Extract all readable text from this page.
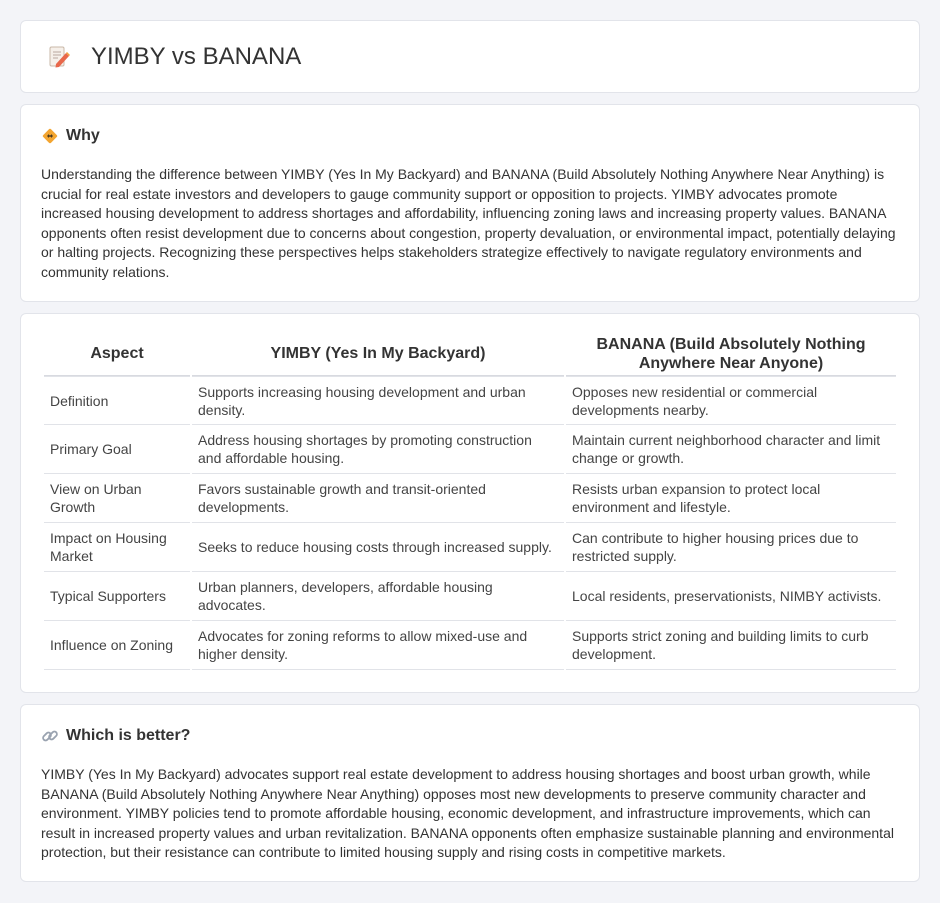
YIMBY vs BANANA
Why

Understanding the difference between YIMBY (Yes In My Backyard) and BANANA (Build Absolutely Nothing Anywhere Near Anything) is crucial for real estate investors and developers to gauge community support or opposition to projects. YIMBY advocates promote increased housing development to address shortages and affordability, influencing zoning laws and increasing property values. BANANA opponents often resist development due to concerns about congestion, property devaluation, or environmental impact, potentially delaying or halting projects. Recognizing these perspectives helps stakeholders strategize effectively to navigate regulatory environments and community relations.

Aspect	YIMBY (Yes In My Backyard)	BANANA (Build Absolutely Nothing Anywhere Near Anyone)
Definition	Supports increasing housing development and urban density.	Opposes new residential or commercial developments nearby.
Primary Goal	Address housing shortages by promoting construction and affordable housing.	Maintain current neighborhood character and limit change or growth.
View on Urban Growth	Favors sustainable growth and transit-oriented developments.	Resists urban expansion to protect local environment and lifestyle.
Impact on Housing Market	Seeks to reduce housing costs through increased supply.	Can contribute to higher housing prices due to restricted supply.
Typical Supporters	Urban planners, developers, affordable housing advocates.	Local residents, preservationists, NIMBY activists.
Influence on Zoning	Advocates for zoning reforms to allow mixed-use and higher density.	Supports strict zoning and building limits to curb development.
Which is better?

YIMBY (Yes In My Backyard) advocates support real estate development to address housing shortages and boost urban growth, while BANANA (Build Absolutely Nothing Anywhere Near Anything) opposes most new developments to preserve community character and environment. YIMBY policies tend to promote affordable housing, economic development, and infrastructure improvements, which can result in increased property values and urban revitalization. BANANA opponents often emphasize sustainable planning and environmental protection, but their resistance can contribute to limited housing supply and rising costs in competitive markets.
